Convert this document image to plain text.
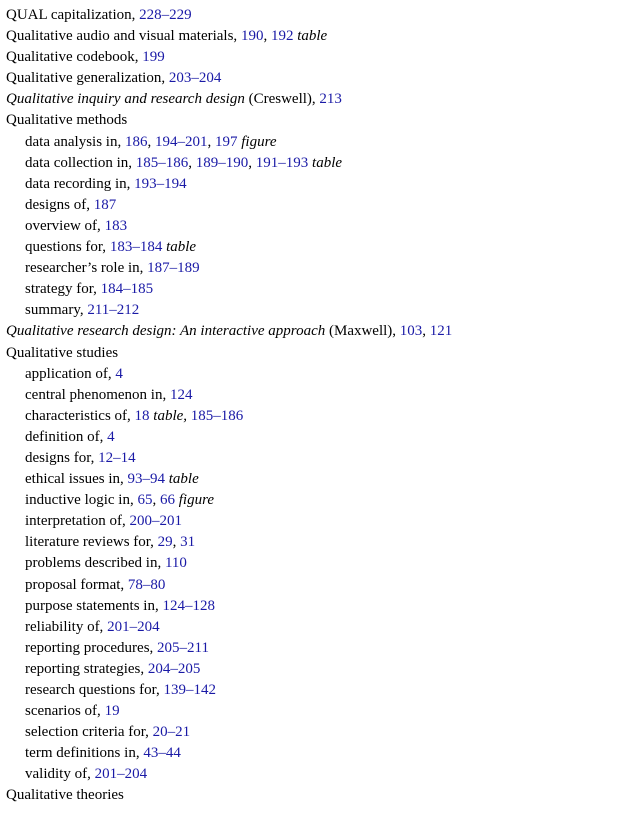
QUAL capitalization, 228–229
Qualitative audio and visual materials, 190, 192 table
Qualitative codebook, 199
Qualitative generalization, 203–204
Qualitative inquiry and research design (Creswell), 213
Qualitative methods
data analysis in, 186, 194–201, 197 figure
data collection in, 185–186, 189–190, 191–193 table
data recording in, 193–194
designs of, 187
overview of, 183
questions for, 183–184 table
researcher’s role in, 187–189
strategy for, 184–185
summary, 211–212
Qualitative research design: An interactive approach (Maxwell), 103, 121
Qualitative studies
application of, 4
central phenomenon in, 124
characteristics of, 18 table, 185–186
definition of, 4
designs for, 12–14
ethical issues in, 93–94 table
inductive logic in, 65, 66 figure
interpretation of, 200–201
literature reviews for, 29, 31
problems described in, 110
proposal format, 78–80
purpose statements in, 124–128
reliability of, 201–204
reporting procedures, 205–211
reporting strategies, 204–205
research questions for, 139–142
scenarios of, 19
selection criteria for, 20–21
term definitions in, 43–44
validity of, 201–204
Qualitative theories
